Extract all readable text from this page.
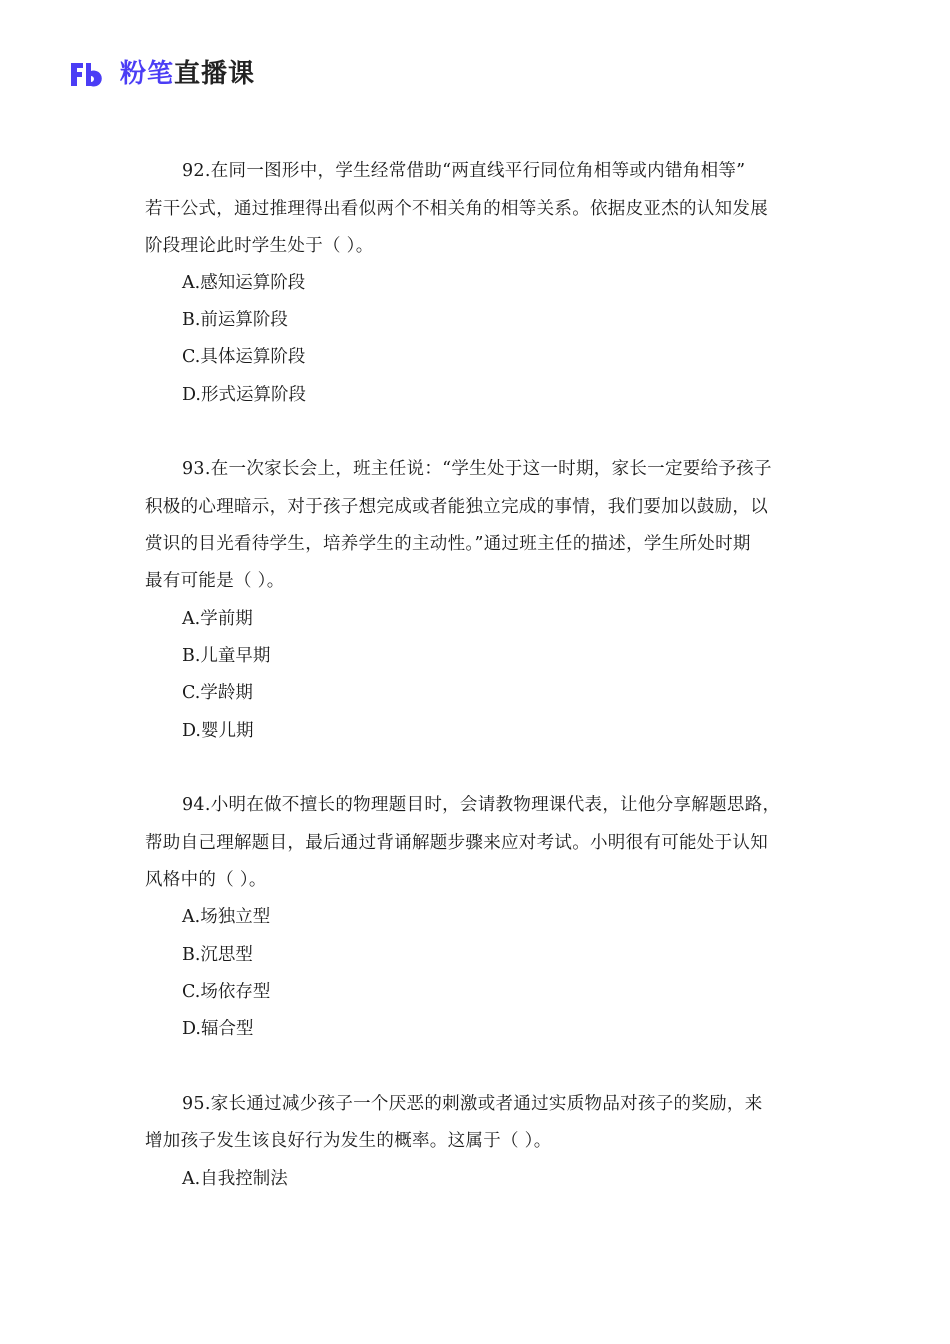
粉笔直播课
92.在同一图形中，学生经常借助“两直线平行同位角相等或内错角相等”
若干公式，通过推理得出看似两个不相关角的相等关系。依据皮亚杰的认知发展
阶段理论此时学生处于（ ）。
A.感知运算阶段
B.前运算阶段
C.具体运算阶段
D.形式运算阶段
93.在一次家长会上，班主任说：“学生处于这一时期，家长一定要给予孩子
积极的心理暗示，对于孩子想完成或者能独立完成的事情，我们要加以鼓励，以
赏识的目光看待学生，培养学生的主动性。”通过班主任的描述，学生所处时期
最有可能是（ ）。
A.学前期
B.儿童早期
C.学龄期
D.婴儿期
94.小明在做不擅长的物理题目时，会请教物理课代表，让他分享解题思路，
帮助自己理解题目，最后通过背诵解题步骤来应对考试。小明很有可能处于认知
风格中的（ ）。
A.场独立型
B.沉思型
C.场依存型
D.辐合型
95.家长通过减少孩子一个厌恶的刺激或者通过实质物品对孩子的奖励，来
增加孩子发生该良好行为发生的概率。这属于（ ）。
A.自我控制法
